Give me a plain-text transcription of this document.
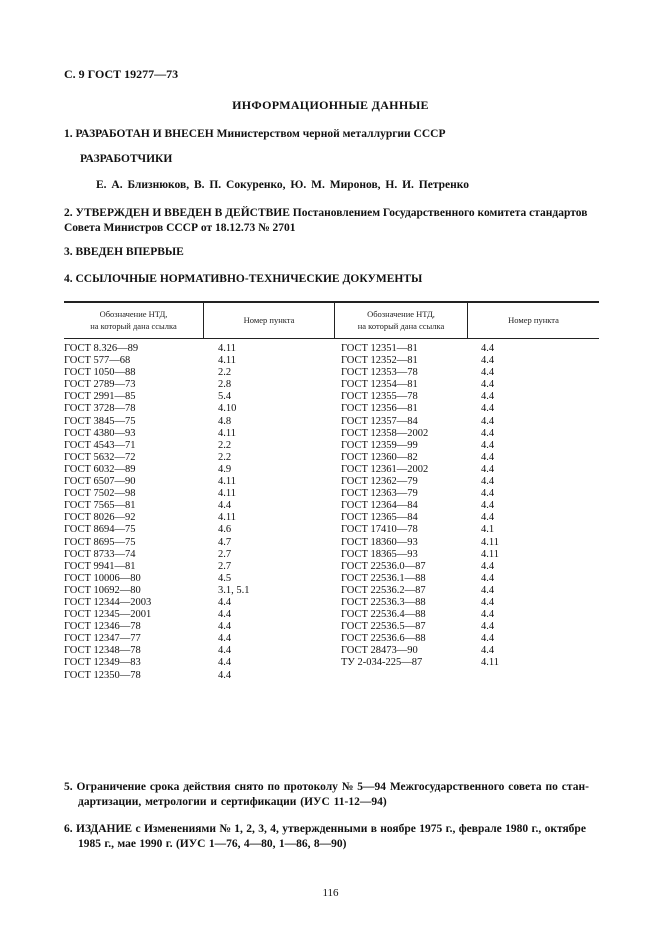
С. 9 ГОСТ 19277—73
ИНФОРМАЦИОННЫЕ ДАННЫЕ
1. РАЗРАБОТАН И ВНЕСЕН Министерством черной металлургии СССР
РАЗРАБОТЧИКИ
Е. А. Близнюков, В. П. Сокуренко, Ю. М. Миронов, Н. И. Петренко
2. УТВЕРЖДЕН И ВВЕДЕН В ДЕЙСТВИЕ Постановлением Государственного комитета стандартов Совета Министров СССР от 18.12.73 № 2701
3. ВВЕДЕН ВПЕРВЫЕ
4. ССЫЛОЧНЫЕ НОРМАТИВНО-ТЕХНИЧЕСКИЕ ДОКУМЕНТЫ
Обозначение НТД,
на который дана ссылка
Номер пункта
Обозначение НТД,
на который дана ссылка
Номер пункта
ГОСТ 8.326—89
ГОСТ 577—68
ГОСТ 1050—88
ГОСТ 2789—73
ГОСТ 2991—85
ГОСТ 3728—78
ГОСТ 3845—75
ГОСТ 4380—93
ГОСТ 4543—71
ГОСТ 5632—72
ГОСТ 6032—89
ГОСТ 6507—90
ГОСТ 7502—98
ГОСТ 7565—81
ГОСТ 8026—92
ГОСТ 8694—75
ГОСТ 8695—75
ГОСТ 8733—74
ГОСТ 9941—81
ГОСТ 10006—80
ГОСТ 10692—80
ГОСТ 12344—2003
ГОСТ 12345—2001
ГОСТ 12346—78
ГОСТ 12347—77
ГОСТ 12348—78
ГОСТ 12349—83
ГОСТ 12350—78
4.11
4.11
2.2
2.8
5.4
4.10
4.8
4.11
2.2
2.2
4.9
4.11
4.11
4.4
4.11
4.6
4.7
2.7
2.7
4.5
3.1, 5.1
4.4
4.4
4.4
4.4
4.4
4.4
4.4
ГОСТ 12351—81
ГОСТ 12352—81
ГОСТ 12353—78
ГОСТ 12354—81
ГОСТ 12355—78
ГОСТ 12356—81
ГОСТ 12357—84
ГОСТ 12358—2002
ГОСТ 12359—99
ГОСТ 12360—82
ГОСТ 12361—2002
ГОСТ 12362—79
ГОСТ 12363—79
ГОСТ 12364—84
ГОСТ 12365—84
ГОСТ 17410—78
ГОСТ 18360—93
ГОСТ 18365—93
ГОСТ 22536.0—87
ГОСТ 22536.1—88
ГОСТ 22536.2—87
ГОСТ 22536.3—88
ГОСТ 22536.4—88
ГОСТ 22536.5—87
ГОСТ 22536.6—88
ГОСТ 28473—90
ТУ 2-034-225—87
4.4
4.4
4.4
4.4
4.4
4.4
4.4
4.4
4.4
4.4
4.4
4.4
4.4
4.4
4.4
4.1
4.11
4.11
4.4
4.4
4.4
4.4
4.4
4.4
4.4
4.4
4.11
5. Ограничение срока действия снято по протоколу № 5—94 Межгосударственного совета по стан-
дартизации, метрологии и сертификации (ИУС 11-12—94)
6. ИЗДАНИЕ с Изменениями № 1, 2, 3, 4, утвержденными в ноябре 1975 г., феврале 1980 г., октябре
1985 г., мае 1990 г. (ИУС 1—76, 4—80, 1—86, 8—90)
116
